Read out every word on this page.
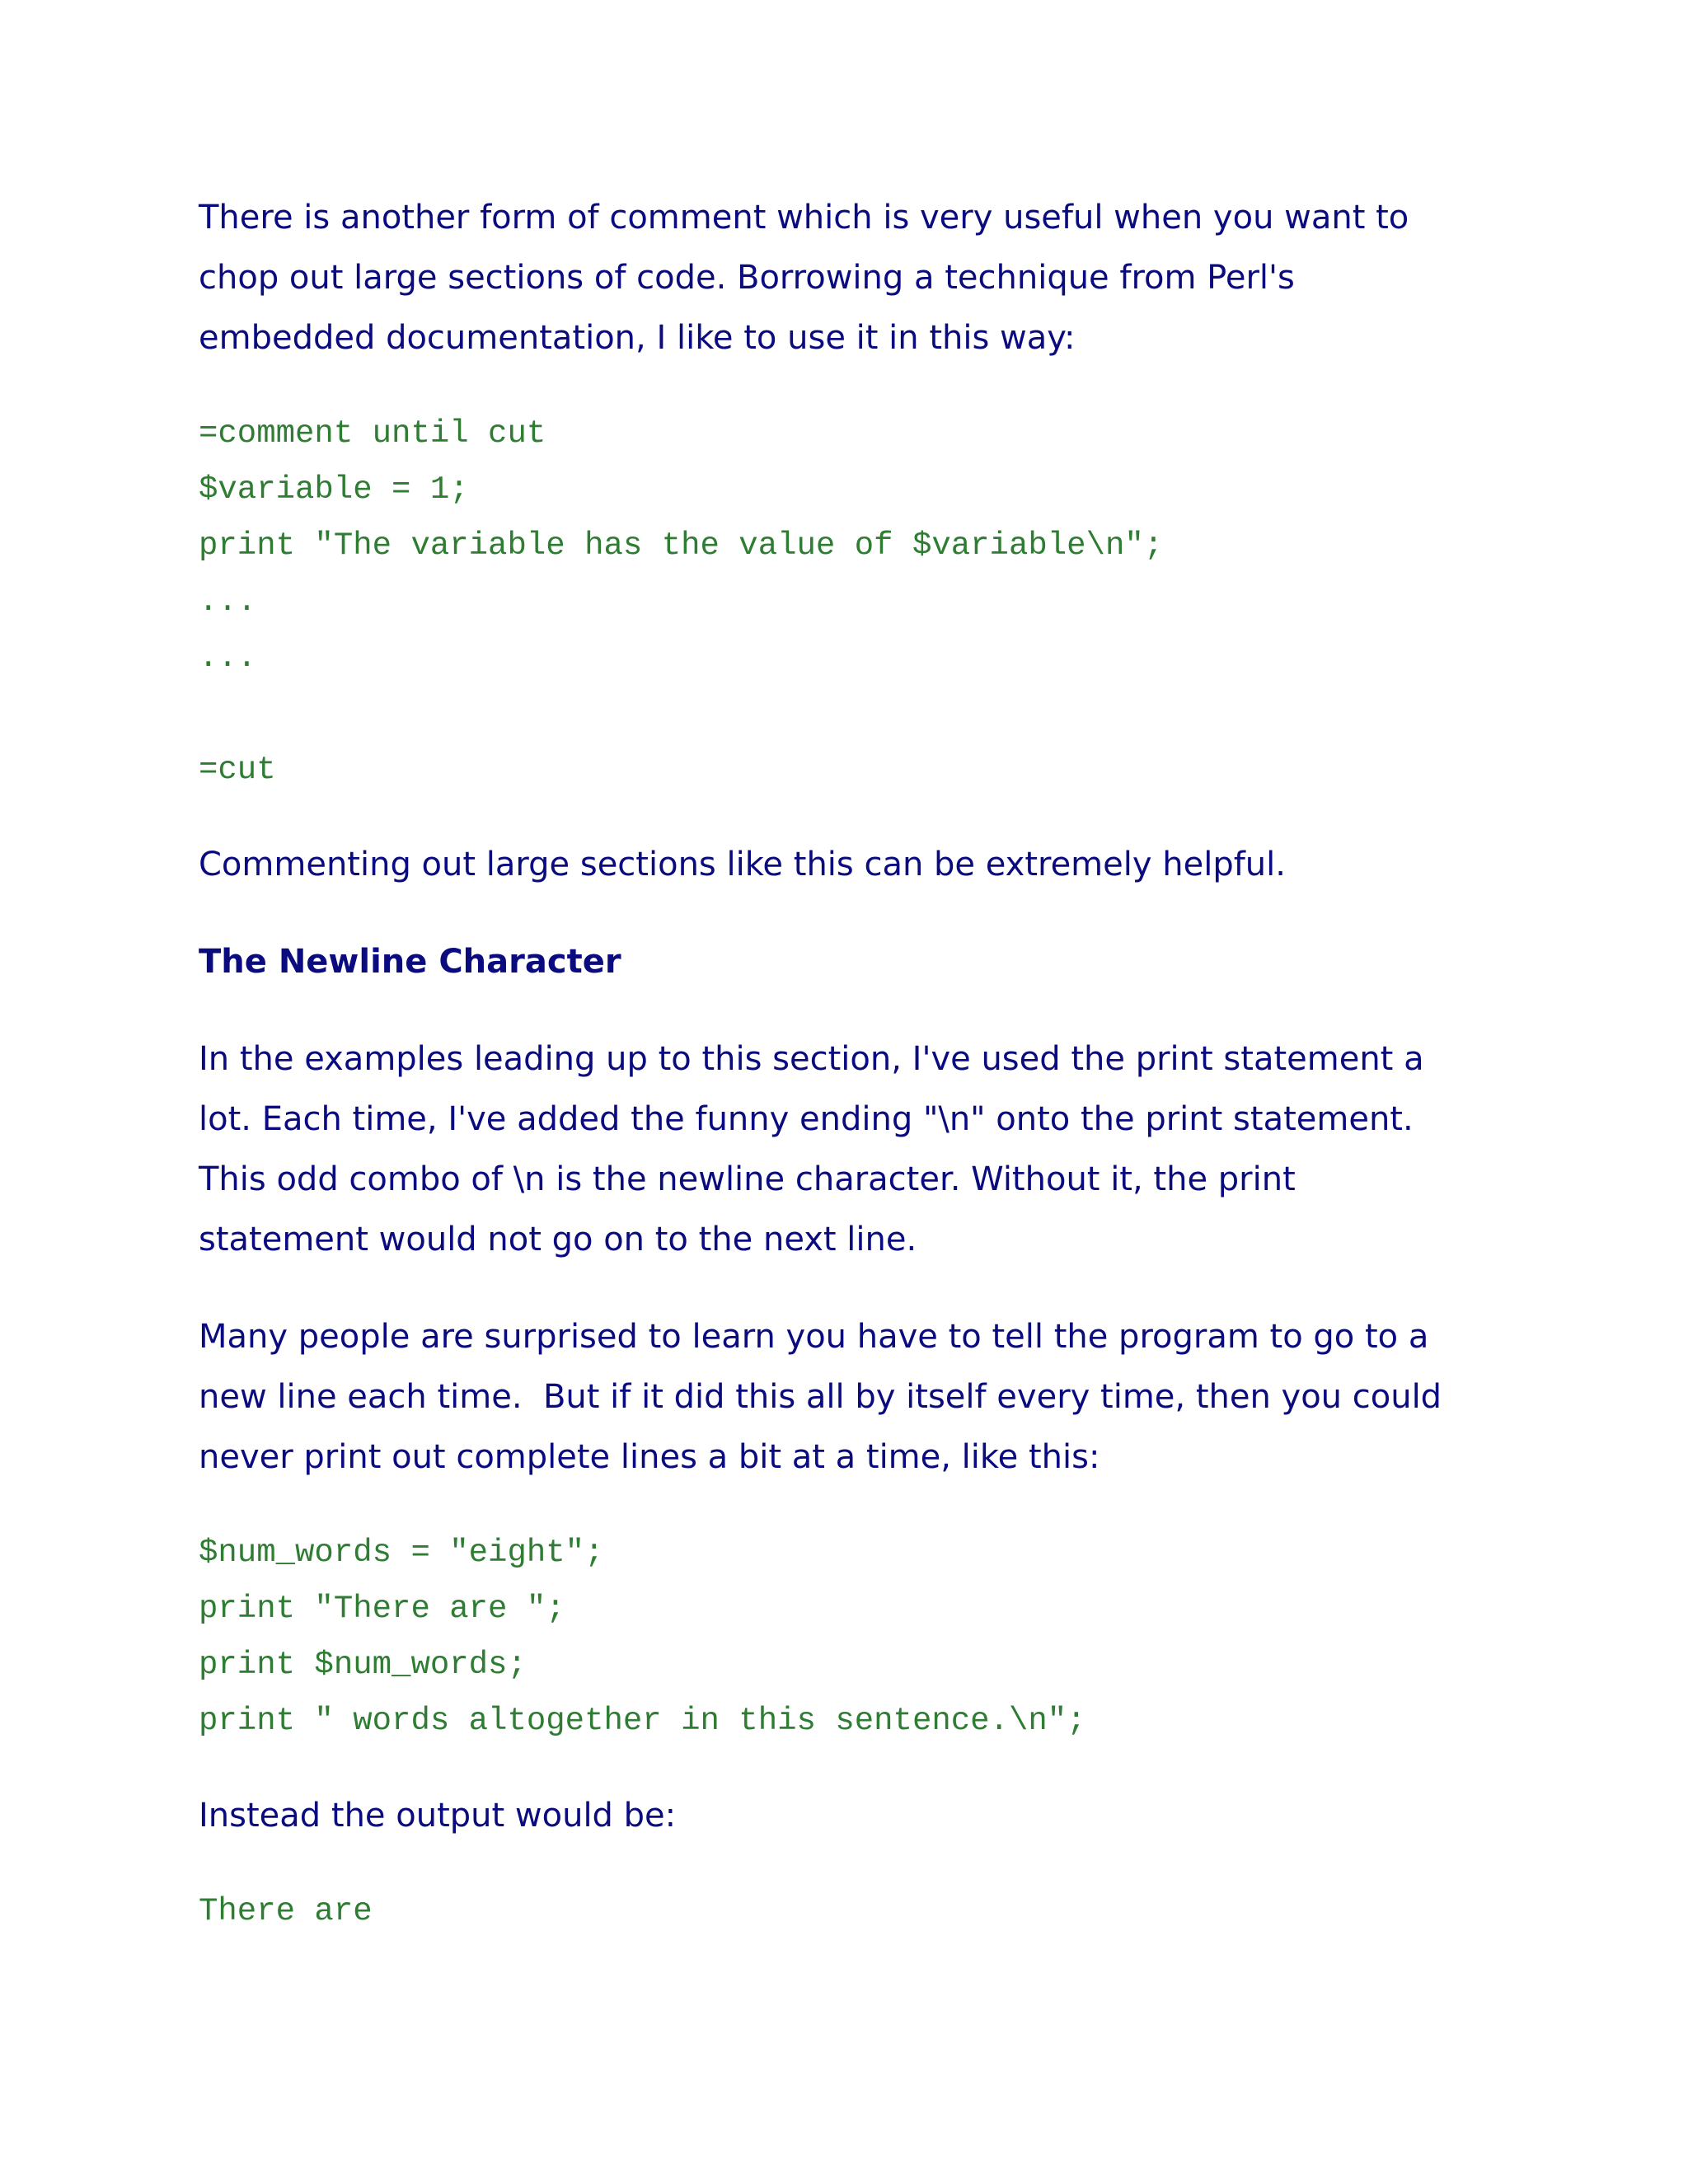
There is another form of comment which is very useful when you want to chop out large sections of code. Borrowing a technique from Perl's embedded documentation, I like to use it in this way:

=comment until cut
$variable = 1;
print "The variable has the value of $variable\n";
...
...
=cut

Commenting out large sections like this can be extremely helpful.

The Newline Character

In the examples leading up to this section, I've used the print statement a lot. Each time, I've added the funny ending "\n" onto the print statement. This odd combo of \n is the newline character. Without it, the print statement would not go on to the next line.

Many people are surprised to learn you have to tell the program to go to a new line each time.  But if it did this all by itself every time, then you could never print out complete lines a bit at a time, like this:

$num_words = "eight";
print "There are ";
print $num_words;
print " words altogether in this sentence.\n";

Instead the output would be:

There are
